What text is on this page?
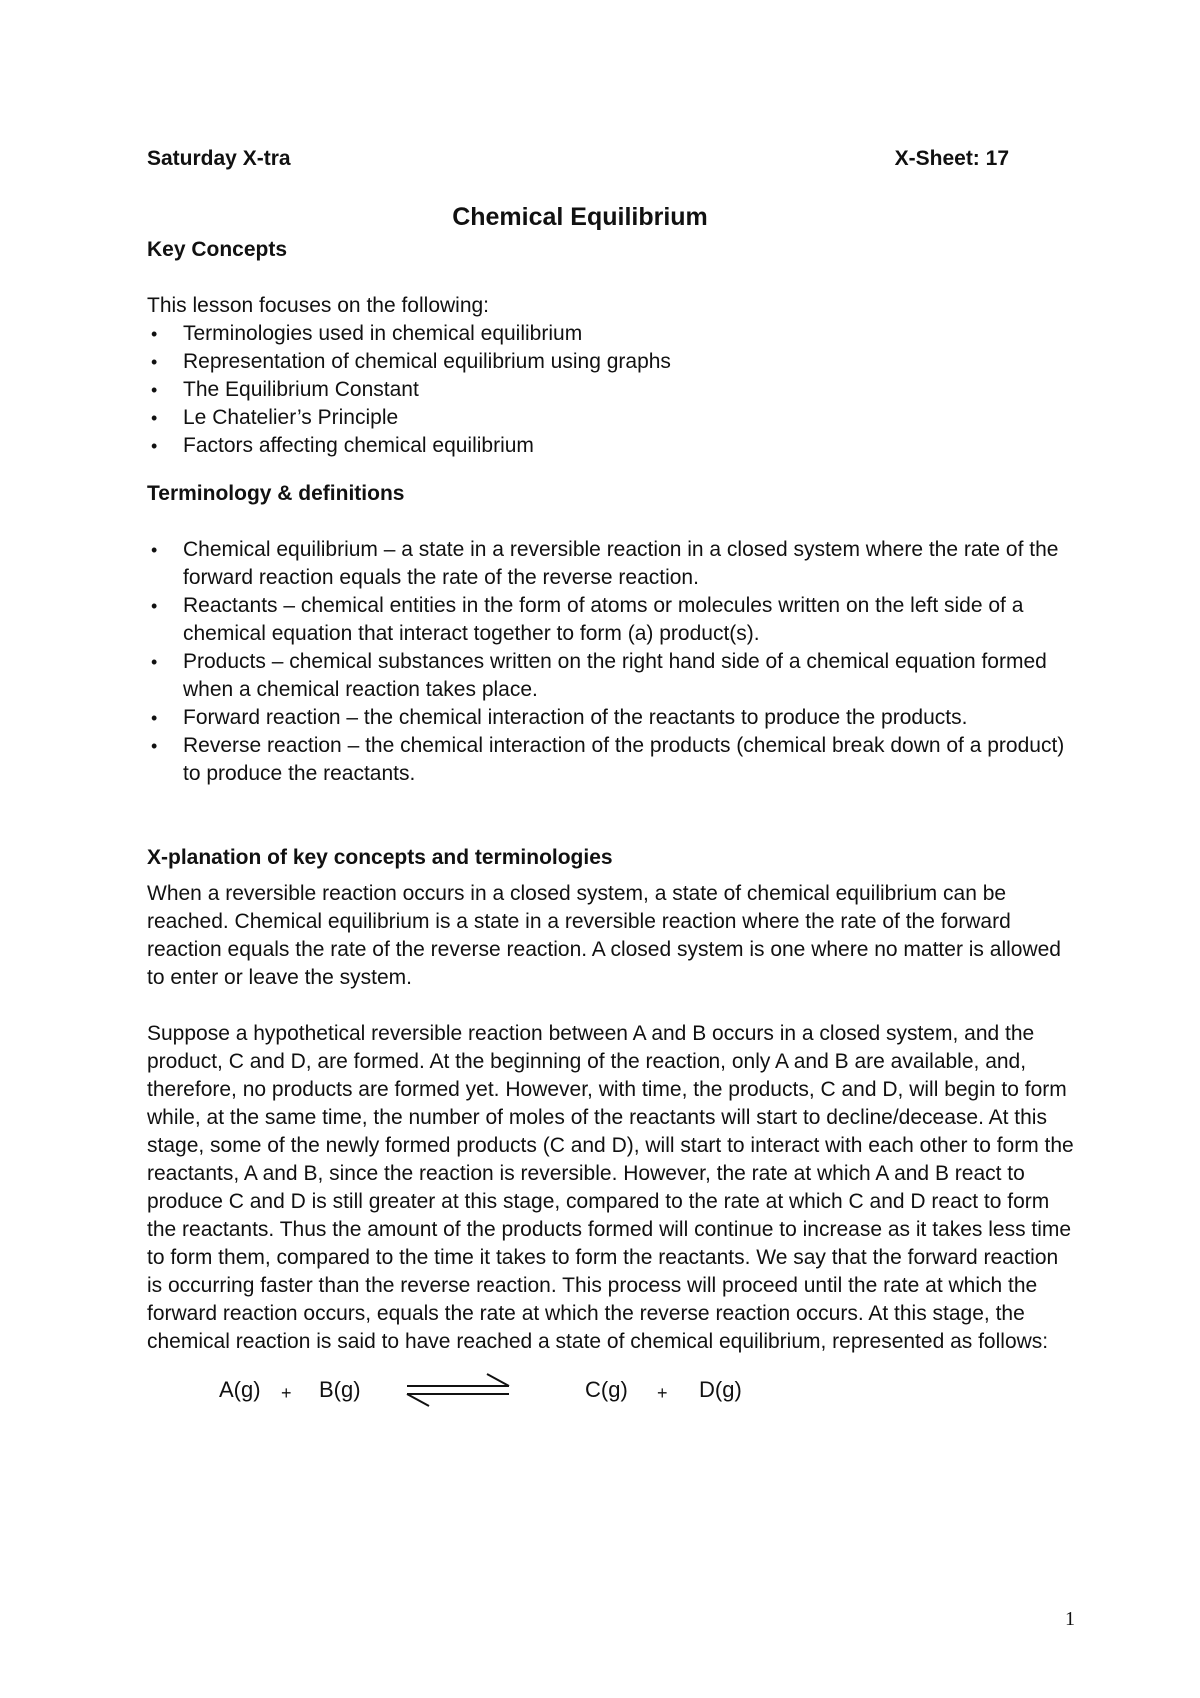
Saturday X-tra	X-Sheet: 17
Chemical Equilibrium
Key Concepts

This lesson focuses on the following:

• Terminologies used in chemical equilibrium
• Representation of chemical equilibrium using graphs
• The Equilibrium Constant
• Le Chatelier’s Principle
• Factors affecting chemical equilibrium
Terminology & definitions
• Chemical equilibrium – a state in a reversible reaction in a closed system where the rate of the forward reaction equals the rate of the reverse reaction.
• Reactants – chemical entities in the form of atoms or molecules written on the left side of a chemical equation that interact together to form (a) product(s).
• Products – chemical substances written on the right hand side of a chemical equation formed when a chemical reaction takes place.
• Forward reaction – the chemical interaction of the reactants to produce the products.
• Reverse reaction – the chemical interaction of the products (chemical break down of a product) to produce the reactants.
X-planation of key concepts and terminologies

When a reversible reaction occurs in a closed system, a state of chemical equilibrium can be reached. Chemical equilibrium is a state in a reversible reaction where the rate of the forward reaction equals the rate of the reverse reaction. A closed system is one where no matter is allowed to enter or leave the system.

Suppose a hypothetical reversible reaction between A and B occurs in a closed system, and the product, C and D, are formed. At the beginning of the reaction, only A and B are available, and, therefore, no products are formed yet. However, with time, the products, C and D, will begin to form while, at the same time, the number of moles of the reactants will start to decline/decease. At this stage, some of the newly formed products (C and D), will start to interact with each other to form the reactants, A and B, since the reaction is reversible. However, the rate at which A and B react to produce C and D is still greater at this stage, compared to the rate at which C and D react to form the reactants. Thus the amount of the products formed will continue to increase as it takes less time to form them, compared to the time it takes to form the reactants. We say that the forward reaction is occurring faster than the reverse reaction. This process will proceed until the rate at which the forward reaction occurs, equals the rate at which the reverse reaction occurs. At this stage, the chemical reaction is said to have reached a state of chemical equilibrium, represented as follows:

A(g) + B(g)	C(g) + D(g)
1
